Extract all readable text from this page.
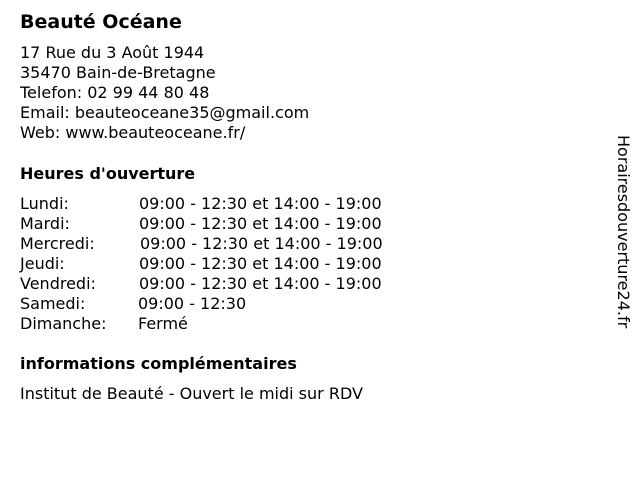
Beauté Océane
17 Rue du 3 Août 1944
35470 Bain-de-Bretagne
Telefon: 02 99 44 80 48
Email: beauteoceane35@gmail.com
Web: www.beauteoceane.fr/
Heures d'ouverture
Lundi:	09:00 - 12:30 et 14:00 - 19:00
Mardi:	09:00 - 12:30 et 14:00 - 19:00
Mercredi:	09:00 - 12:30 et 14:00 - 19:00
Jeudi:	09:00 - 12:30 et 14:00 - 19:00
Vendredi:	09:00 - 12:30 et 14:00 - 19:00
Samedi:	09:00 - 12:30
Dimanche: Fermé
informations complémentaires
Institut de Beauté - Ouvert le midi sur RDV
Horairesdouverture24.fr
